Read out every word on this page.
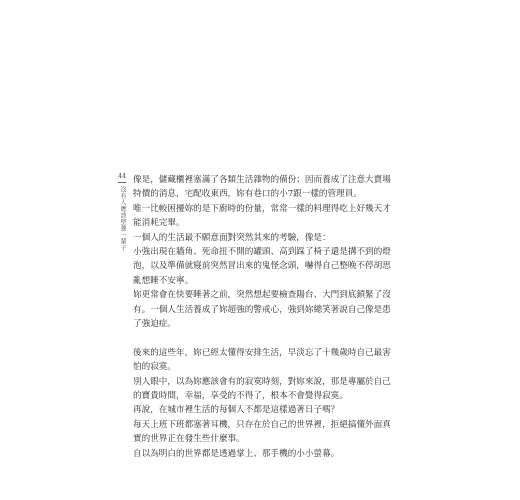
44
沒有人應該堅強一輩子

像是，儲藏櫃裡塞滿了各類生活雜物的備份；因而養成了注意大賣場
特價的消息，宅配收東西，妳有巷口的小7跟一樣的管理員。

唯一比較困擾妳的是下廚時的份量，常常一樣的料理得吃上好幾天才
能消耗完畢。

一個人的生活最不願意面對突然其來的考驗，像是：

小強出現在牆角、死命扭不開的罐頭、高到踩了椅子還是搆不到的燈
泡，以及準備就寢前突然冒出來的鬼怪念頭，嚇得自己整晚不停胡思
亂想睡不安寧。

妳更常會在快要睡著之前，突然想起要檢查陽台、大門到底鎖緊了沒
有。一個人生活養成了妳超強的警戒心，強到妳總笑著說自己像是患
了強迫症。

後來的這些年，妳已經太懂得安排生活，早淡忘了十幾歲時自己最害
怕的寂寞。

別人眼中，以為妳應該會有的寂寞時刻，對妳來說，那是專屬於自己
的寶貴時間，幸福，享受的不得了，根本不會覺得寂寞。

再說，在城市裡生活的每個人不都是這樣過著日子嗎？

每天上班下班都塞著耳機，只存在於自己的世界裡，拒絕搞懂外面真
實的世界正在發生些什麼事。

自以為明白的世界都是透過掌上、那手機的小小螢幕。
